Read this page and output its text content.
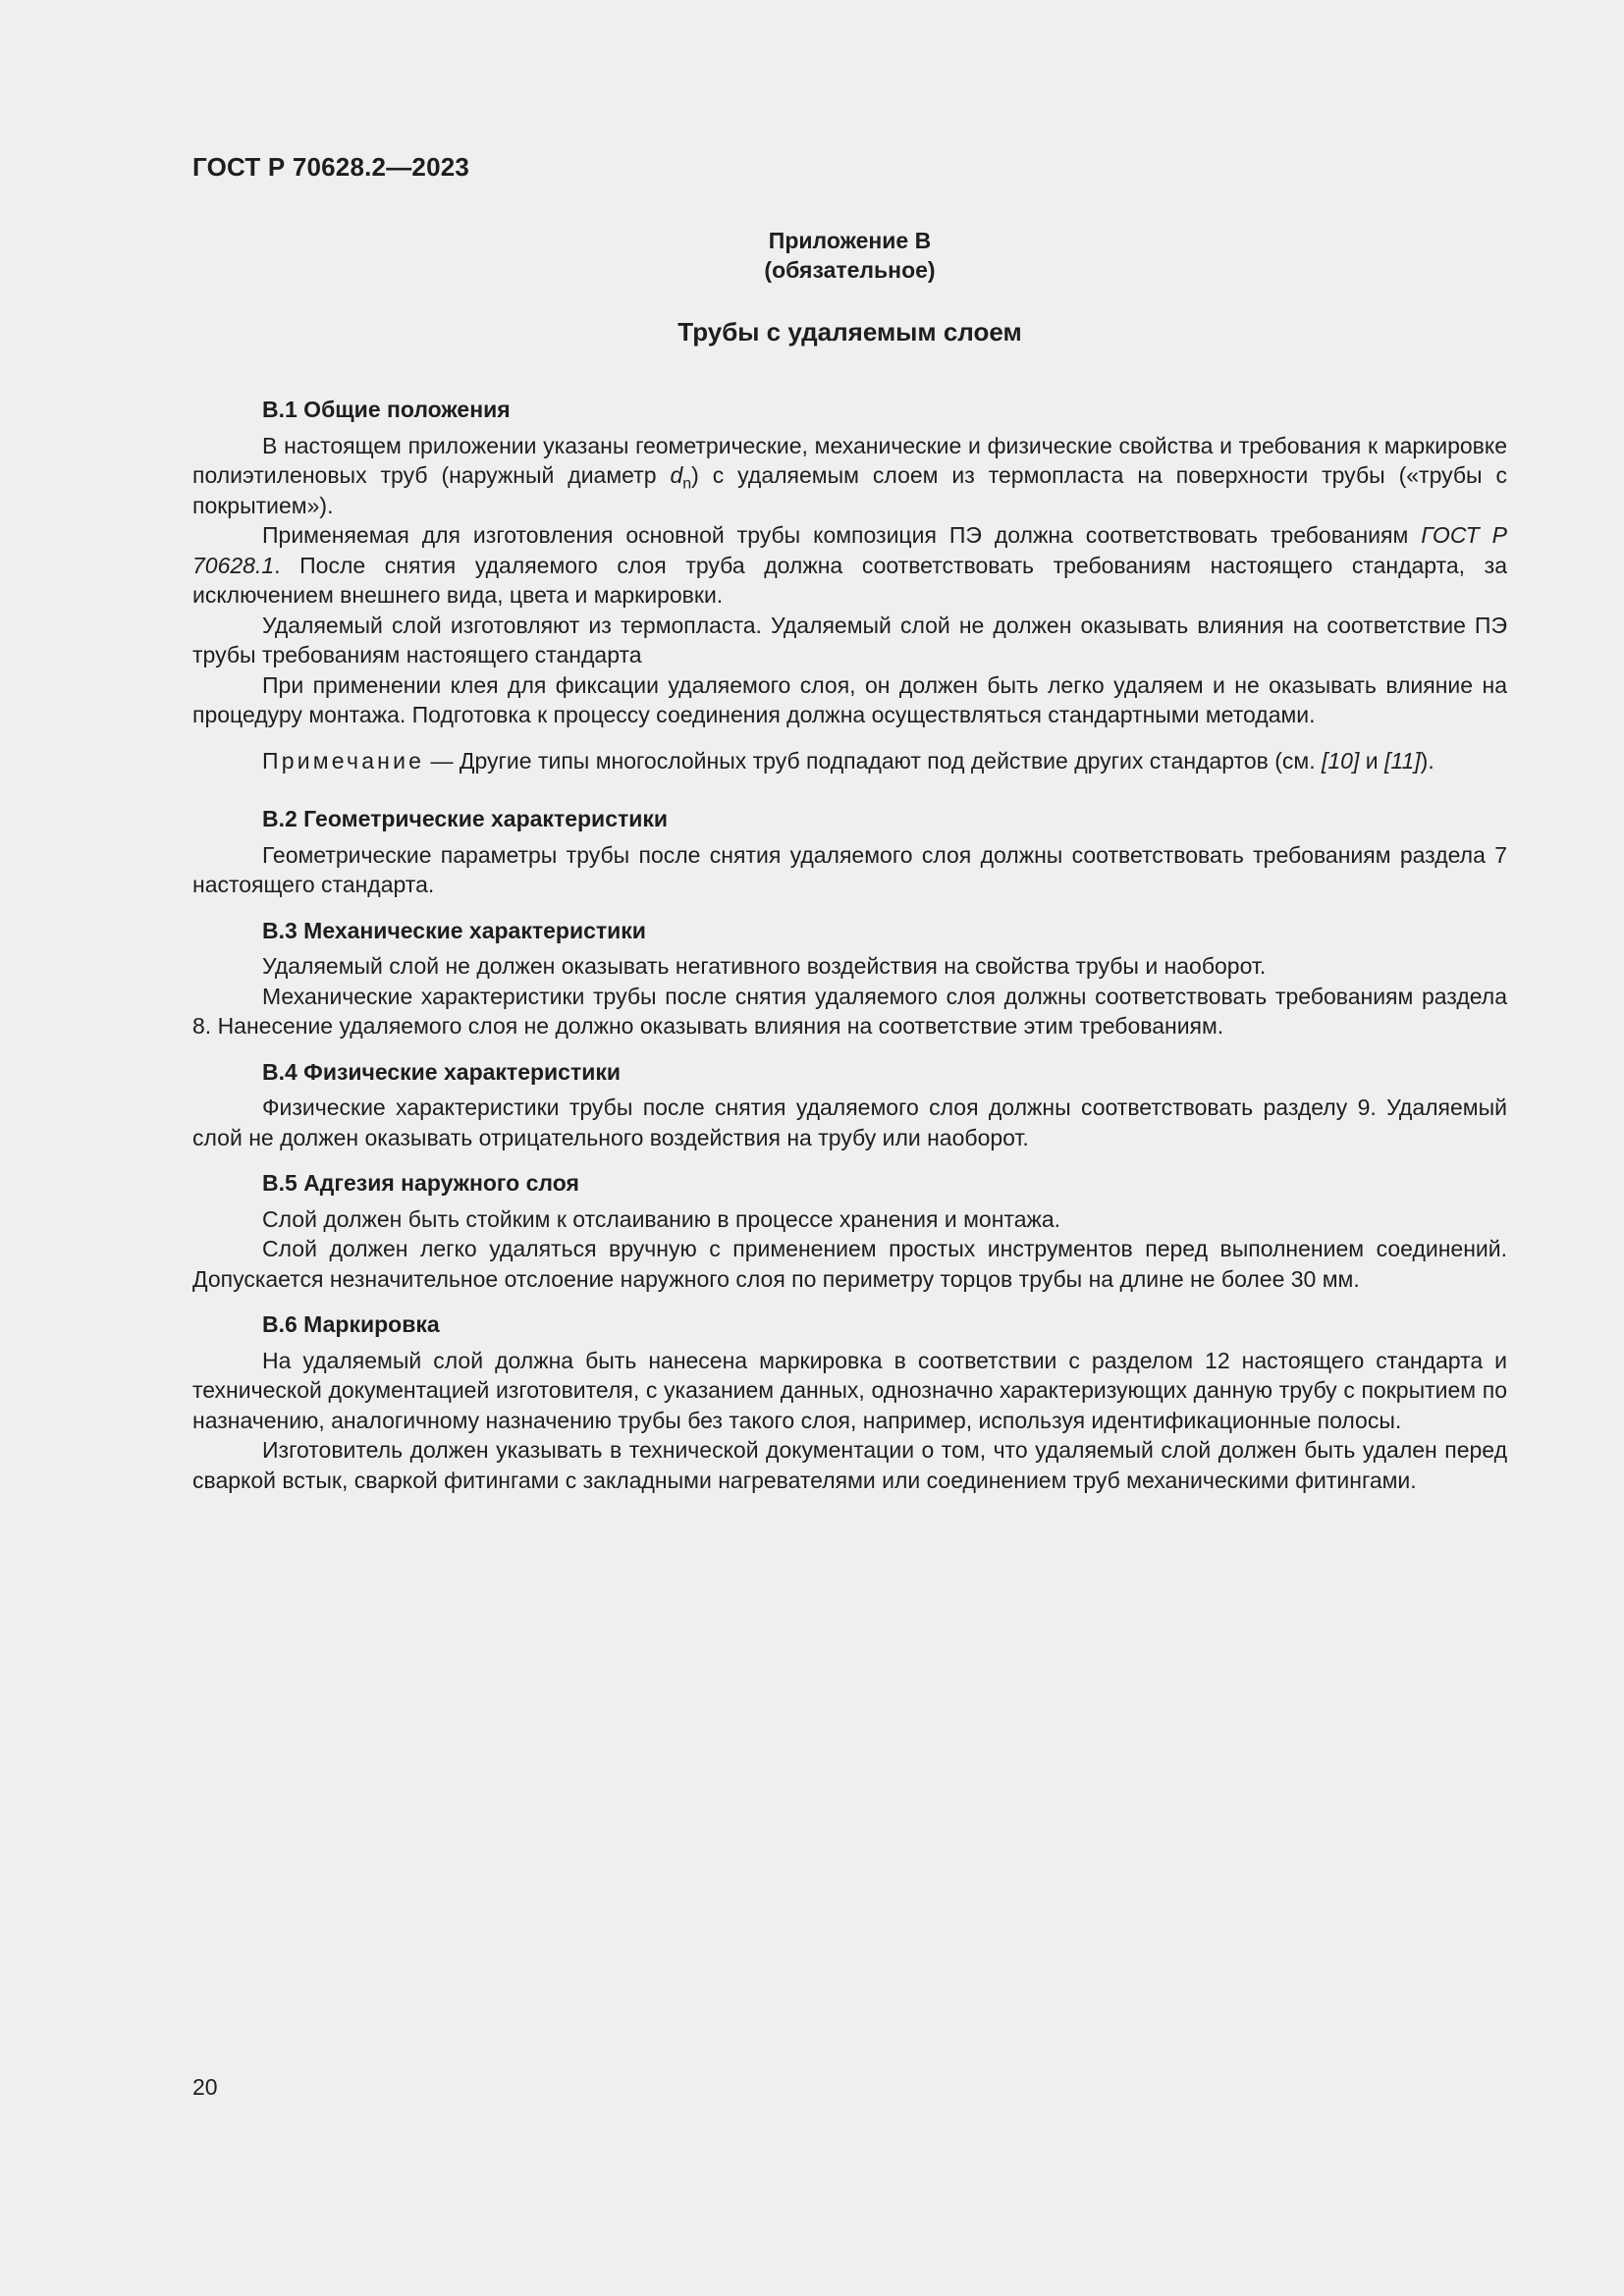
ГОСТ Р 70628.2—2023
Приложение В
(обязательное)
Трубы с удаляемым слоем

В.1 Общие положения

В настоящем приложении указаны геометрические, механические и физические свойства и требования к маркировке полиэтиленовых труб (наружный диаметр $d_n$) с удаляемым слоем из термопласта на поверхности трубы («трубы с покрытием»).

Применяемая для изготовления основной трубы композиция ПЭ должна соответствовать требованиям ГОСТ Р 70628.1. После снятия удаляемого слоя труба должна соответствовать требованиям настоящего стандарта, за исключением внешнего вида, цвета и маркировки.

Удаляемый слой изготовляют из термопласта. Удаляемый слой не должен оказывать влияния на соответствие ПЭ трубы требованиям настоящего стандарта

При применении клея для фиксации удаляемого слоя, он должен быть легко удаляем и не оказывать влияние на процедуру монтажа. Подготовка к процессу соединения должна осуществляться стандартными методами.

Примечание — Другие типы многослойных труб подпадают под действие других стандартов (см. [10] и [11]).

В.2 Геометрические характеристики

Геометрические параметры трубы после снятия удаляемого слоя должны соответствовать требованиям раздела 7 настоящего стандарта.

В.3 Механические характеристики

Удаляемый слой не должен оказывать негативного воздействия на свойства трубы и наоборот.

Механические характеристики трубы после снятия удаляемого слоя должны соответствовать требованиям раздела 8. Нанесение удаляемого слоя не должно оказывать влияния на соответствие этим требованиям.

В.4 Физические характеристики

Физические характеристики трубы после снятия удаляемого слоя должны соответствовать разделу 9. Удаляемый слой не должен оказывать отрицательного воздействия на трубу или наоборот.

В.5 Адгезия наружного слоя

Слой должен быть стойким к отслаиванию в процессе хранения и монтажа.

Слой должен легко удаляться вручную с применением простых инструментов перед выполнением соединений. Допускается незначительное отслоение наружного слоя по периметру торцов трубы на длине не более 30 мм.

В.6 Маркировка

На удаляемый слой должна быть нанесена маркировка в соответствии с разделом 12 настоящего стандарта и технической документацией изготовителя, с указанием данных, однозначно характеризующих данную трубу с покрытием по назначению, аналогичному назначению трубы без такого слоя, например, используя идентификационные полосы.

Изготовитель должен указывать в технической документации о том, что удаляемый слой должен быть удален перед сваркой встык, сваркой фитингами с закладными нагревателями или соединением труб механическими фитингами.

20
